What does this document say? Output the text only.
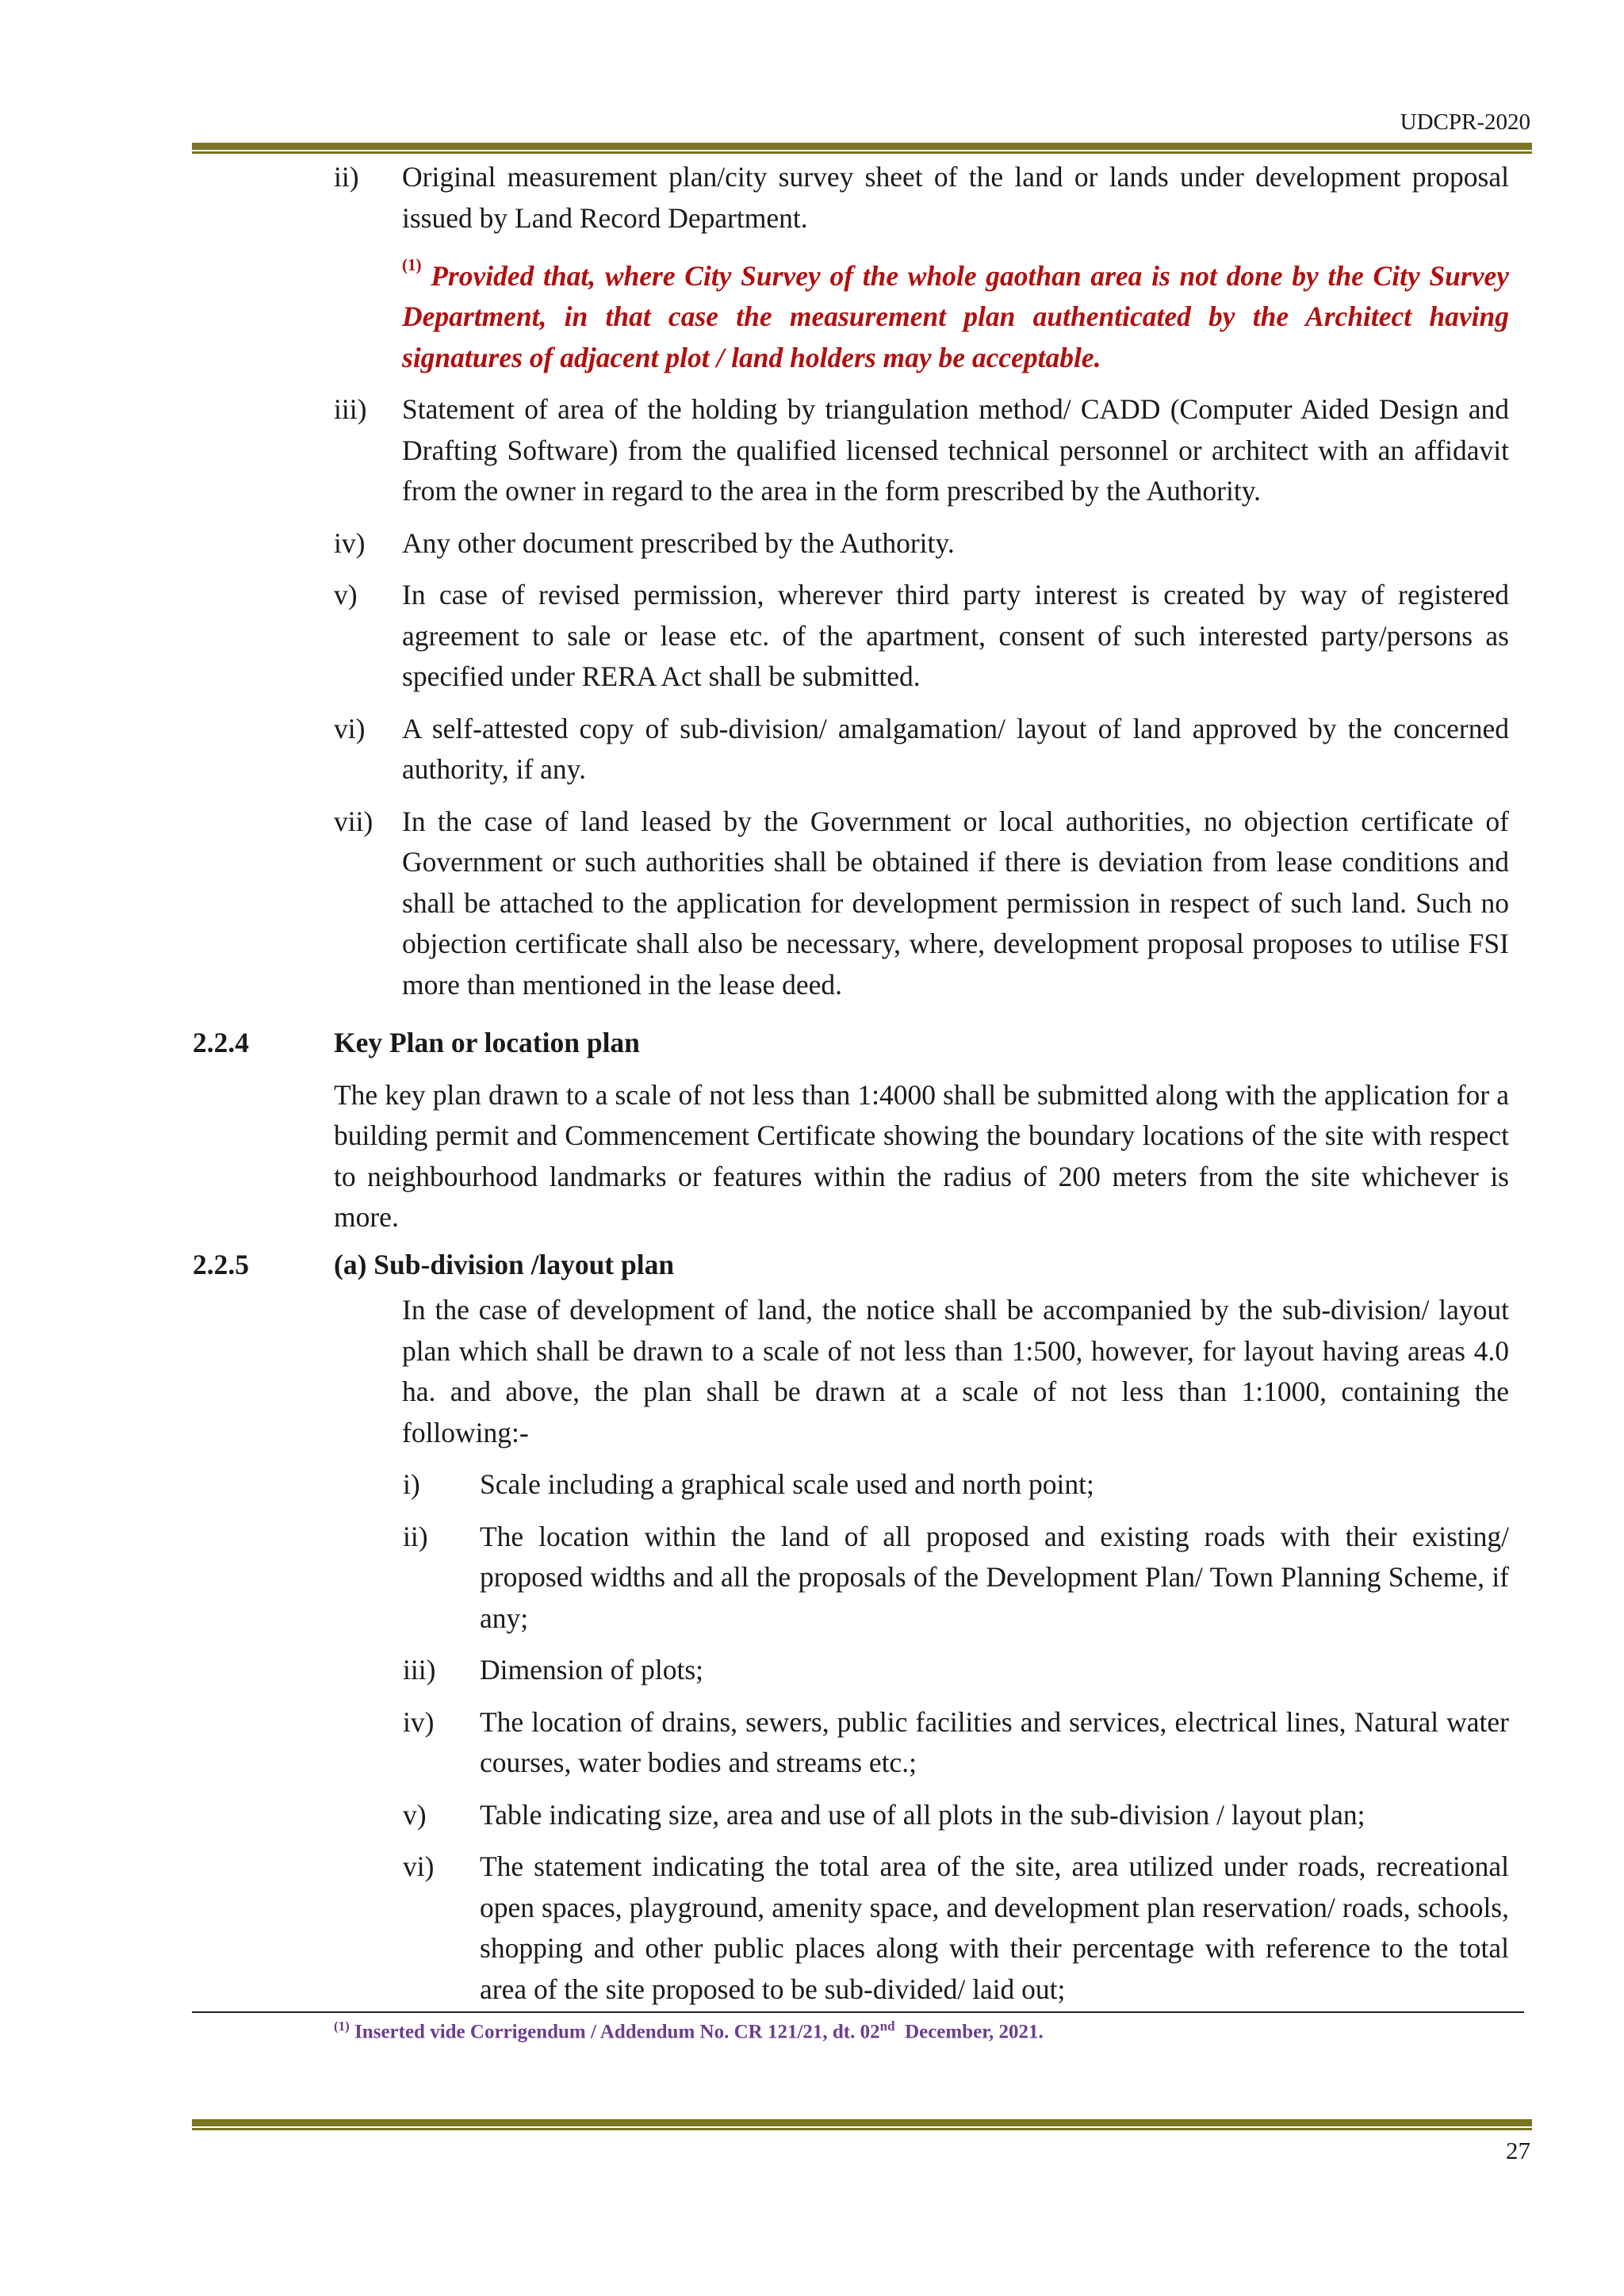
UDCPR-2020
ii)	Original measurement plan/city survey sheet of the land or lands under development proposal issued by Land Record Department.
$^{(1)}$ Provided that, where City Survey of the whole gaothan area is not done by the City Survey Department, in that case the measurement plan authenticated by the Architect having signatures of adjacent plot / land holders may be acceptable.
iii)	Statement of area of the holding by triangulation method/ CADD (Computer Aided Design and Drafting Software) from the qualified licensed technical personnel or architect with an affidavit from the owner in regard to the area in the form prescribed by the Authority.
iv)	Any other document prescribed by the Authority.
v)	In case of revised permission, wherever third party interest is created by way of registered agreement to sale or lease etc. of the apartment, consent of such interested party/persons as specified under RERA Act shall be submitted.
vi)	A self-attested copy of sub-division/ amalgamation/ layout of land approved by the concerned authority, if any.
vii)	In the case of land leased by the Government or local authorities, no objection certificate of Government or such authorities shall be obtained if there is deviation from lease conditions and shall be attached to the application for development permission in respect of such land. Such no objection certificate shall also be necessary, where, development proposal proposes to utilise FSI more than mentioned in the lease deed.
2.2.4	Key Plan or location plan
The key plan drawn to a scale of not less than 1:4000 shall be submitted along with the application for a building permit and Commencement Certificate showing the boundary locations of the site with respect to neighbourhood landmarks or features within the radius of 200 meters from the site whichever is more.
2.2.5	(a) Sub-division /layout plan
In the case of development of land, the notice shall be accompanied by the sub-division/ layout plan which shall be drawn to a scale of not less than 1:500, however, for layout having areas 4.0 ha. and above, the plan shall be drawn at a scale of not less than 1:1000, containing the following:-
i)	Scale including a graphical scale used and north point;
ii)	The location within the land of all proposed and existing roads with their existing/ proposed widths and all the proposals of the Development Plan/ Town Planning Scheme, if any;
iii)	Dimension of plots;
iv)	The location of drains, sewers, public facilities and services, electrical lines, Natural water courses, water bodies and streams etc.;
v)	Table indicating size, area and use of all plots in the sub-division / layout plan;
vi)	The statement indicating the total area of the site, area utilized under roads, recreational open spaces, playground, amenity space, and development plan reservation/ roads, schools, shopping and other public places along with their percentage with reference to the total area of the site proposed to be sub-divided/ laid out;
$^{(1)}$ Inserted vide Corrigendum / Addendum No. CR 121/21, dt. 02nd  December, 2021.
27
